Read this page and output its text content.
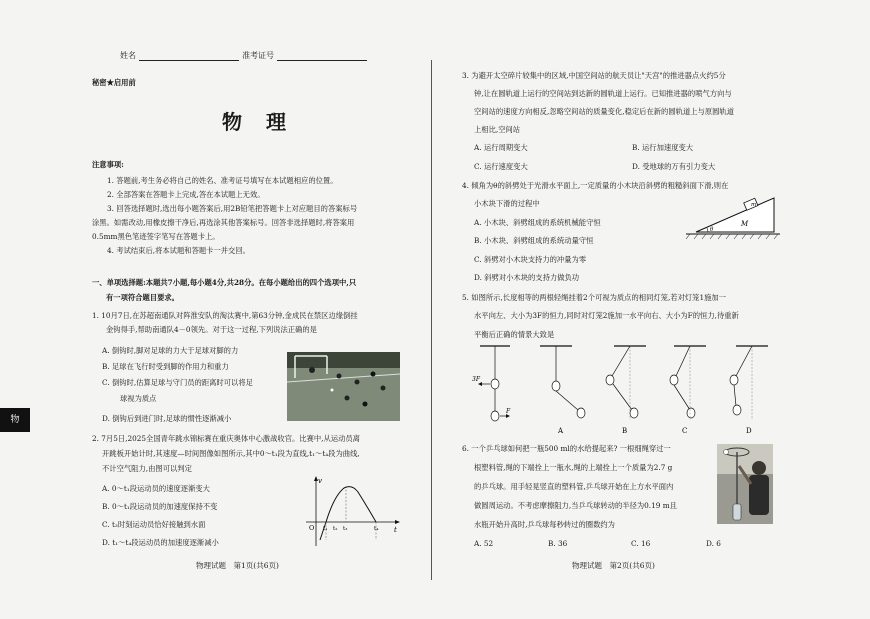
姓名	准考证号
秘密★启用前
物　理
注意事项:
1. 答题前,考生务必将自己的姓名、准考证号填写在本试题相应的位置。
2. 全部答案在答题卡上完成,答在本试题上无效。
3. 回答选择题时,选出每小题答案后,用2B铅笔把答题卡上对应题目的答案标号
涂黑。如需改动,用橡皮擦干净后,再选涂其他答案标号。回答非选择题时,将答案用
0.5mm黑色笔迹签字笔写在答题卡上。
4. 考试结束后,将本试题和答题卡一并交回。
一、单项选择题:本题共7小题,每小题4分,共28分。在每小题给出的四个选项中,只
有一项符合题目要求。
1. 10月7日,在苏超南通队对阵淮安队的淘汰赛中,第63分钟,金成民在禁区边缘倒挂
金钩得手,帮助南通队4－0领先。对于这一过程,下列说法正确的是
A. 倒钩时,脚对足球的力大于足球对脚的力
B. 足球在飞行时受到脚的作用力和重力
C. 倒钩时,估算足球与守门员的距离时可以将足
球视为质点
D. 倒钩后到进门时,足球的惯性逐渐减小
2. 7月5日,2025全国青年跳水锦标赛在重庆奥体中心激战收官。比赛中,从运动员离
开跳板开始计时,其速度—时间图像如图所示,其中0～t₁段为直线,t₁～t₄段为曲线,
不计空气阻力,由图可以判定
A. 0～t₁段运动员的速度逐渐变大
B. 0～t₁段运动员的加速度保持不变
C. t₃时刻运动员恰好接触到水面
D. t₁～t₄段运动员的加速度逐渐减小
v
t
O t₁ t₂ t₃	t₄
物理试题　第1页(共6页)
物
3. 为避开太空碎片较集中的区域,中国空间站的航天员让"天宫"的推进器点火约5分
钟,让在圆轨道上运行的空间站到达新的圆轨道上运行。已知推进器的喷气方向与
空间站的速度方向相反,忽略空间站的质量变化,稳定后在新的圆轨道上与原圆轨道
上相比,空间站
A. 运行周期变大	B. 运行加速度变大
C. 运行速度变大	D. 受地球的万有引力变大
4. 倾角为θ的斜劈处于光滑水平面上,一定质量的小木块沿斜劈的粗糙斜面下滑,则在
小木块下滑的过程中
A. 小木块、斜劈组成的系统机械能守恒
B. 小木块、斜劈组成的系统动量守恒
C. 斜劈对小木块支持力的冲量为零
D. 斜劈对小木块的支持力做负功
m
M
θ
5. 如图所示,长度相等的两根轻绳挂着2个可视为质点的相同灯笼,若对灯笼1施加一
水平向左、大小为3F的恒力,同时对灯笼2施加一水平向右、大小为F的恒力,待重新
平衡后正确的情景大致是
3F
F
A	B	C	D
6. 一个乒乓球如何把一瓶500 ml的水给提起来? 一根细绳穿过一
根塑料管,绳的下端拴上一瓶水,绳的上端拴上一个质量为2.7 g
的乒乓球。用手轻晃竖直的塑料管,乒乓球开始在上方水平面内
做圆周运动。不考虑摩擦阻力,当乒乓球转动的半径为0.19 m且
水瓶开始升高时,乒乓球每秒转过的圈数约为
A. 52	B. 36	C. 16	D. 6
物理试题　第2页(共6页)
